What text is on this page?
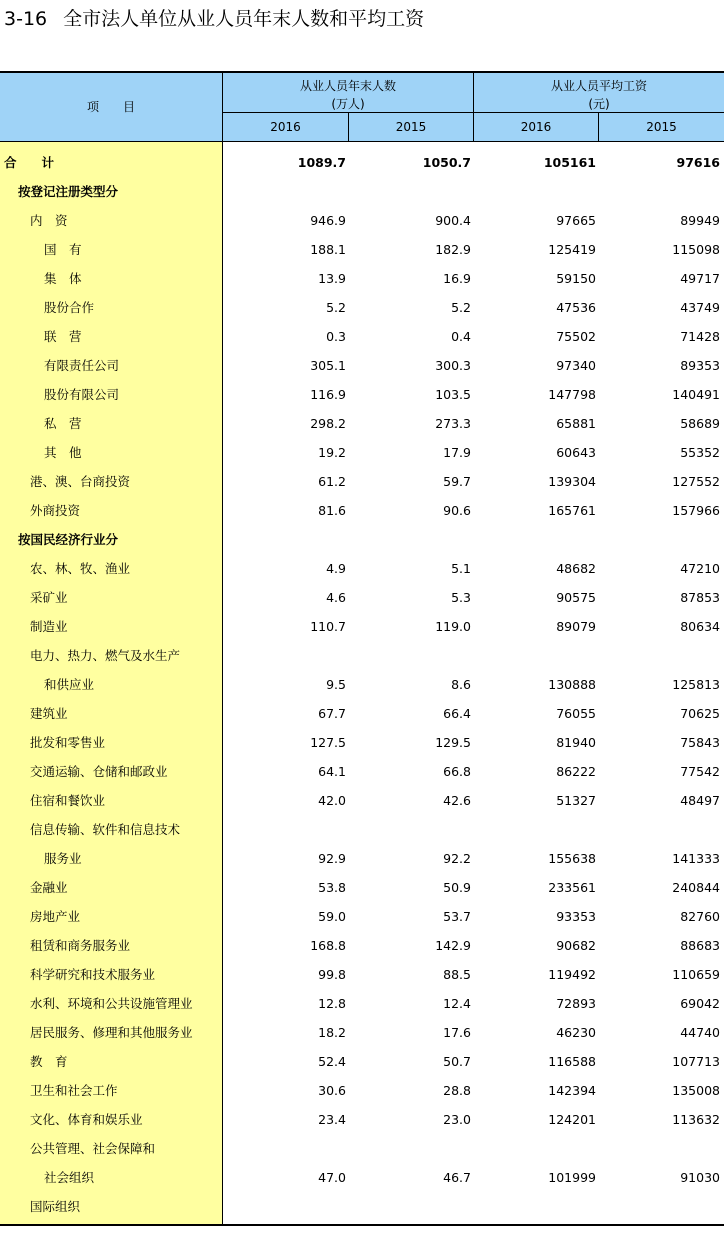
3-16 全市法人单位从业人员年末人数和平均工资
项　　目
从业人员年末人数
(万人)
从业人员平均工资
(元)
2016	2015	2016	2015
合　　计	1089.7	1050.7	105161	97616
按登记注册类型分
内　资	946.9	900.4	97665	89949
国　有	188.1	182.9	125419	115098
集　体	13.9	16.9	59150	49717
股份合作	5.2	5.2	47536	43749
联　营	0.3	0.4	75502	71428
有限责任公司	305.1	300.3	97340	89353
股份有限公司	116.9	103.5	147798	140491
私　营	298.2	273.3	65881	58689
其　他	19.2	17.9	60643	55352
港、澳、台商投资	61.2	59.7	139304	127552
外商投资	81.6	90.6	165761	157966
按国民经济行业分
农、林、牧、渔业	4.9	5.1	48682	47210
采矿业	4.6	5.3	90575	87853
制造业	110.7	119.0	89079	80634
电力、热力、燃气及水生产
和供应业	9.5	8.6	130888	125813
建筑业	67.7	66.4	76055	70625
批发和零售业	127.5	129.5	81940	75843
交通运输、仓储和邮政业	64.1	66.8	86222	77542
住宿和餐饮业	42.0	42.6	51327	48497
信息传输、软件和信息技术
服务业	92.9	92.2	155638	141333
金融业	53.8	50.9	233561	240844
房地产业	59.0	53.7	93353	82760
租赁和商务服务业	168.8	142.9	90682	88683
科学研究和技术服务业	99.8	88.5	119492	110659
水利、环境和公共设施管理业	12.8	12.4	72893	69042
居民服务、修理和其他服务业	18.2	17.6	46230	44740
教　育	52.4	50.7	116588	107713
卫生和社会工作	30.6	28.8	142394	135008
文化、体育和娱乐业	23.4	23.0	124201	113632
公共管理、社会保障和
社会组织	47.0	46.7	101999	91030
国际组织
